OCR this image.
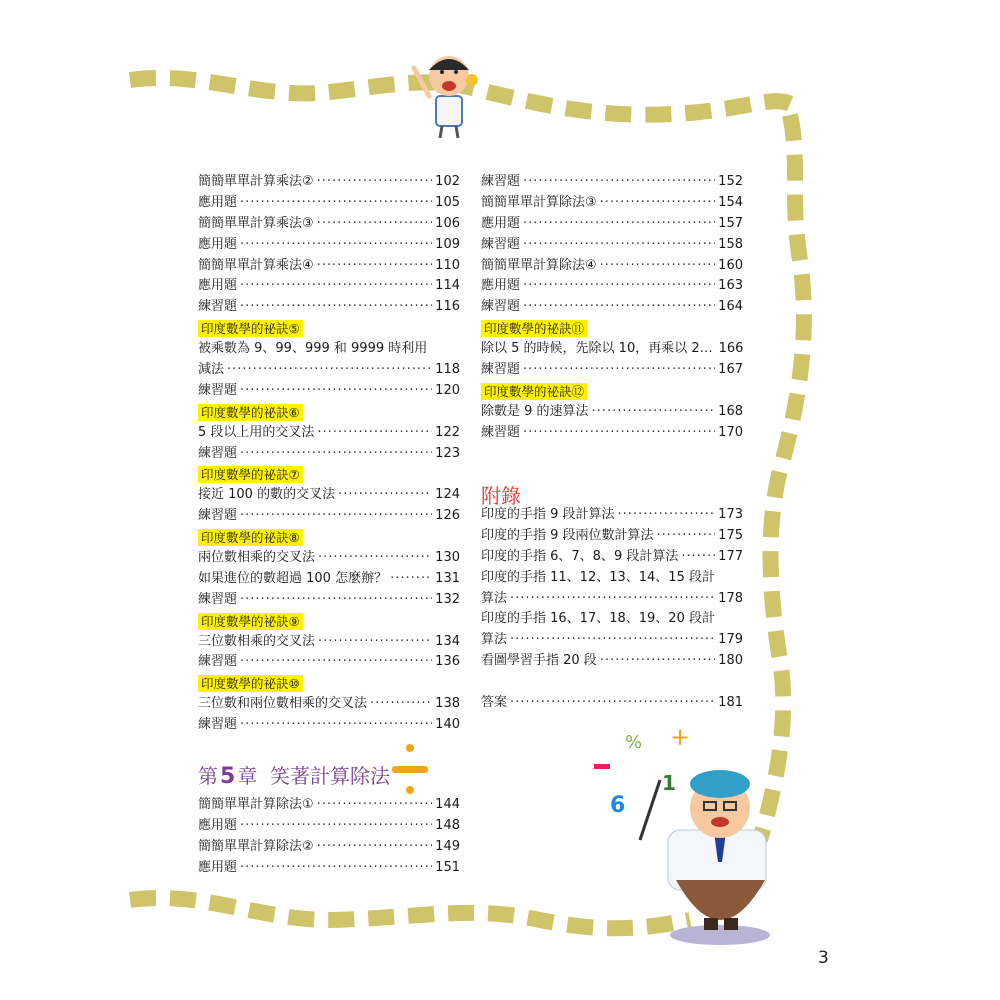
% +
1
6
簡簡單單計算乘法② ·····	102
應用題 ·····	105
簡簡單單計算乘法③ ·····	106
應用題 ·····	109
簡簡單單計算乘法④ ·····	110
應用題 ·····	114
練習題 ·····	116
印度數學的祕訣⑤
被乘數為 9、99、999 和 9999 時利用
減法 ·····	118
練習題 ·····	120
印度數學的祕訣⑥
5 段以上用的交叉法 ·····	122
練習題 ·····	123
印度數學的祕訣⑦
接近 100 的數的交叉法 ·····	124
練習題 ·····	126
印度數學的祕訣⑧
兩位數相乘的交叉法 ·····	130
如果進位的數超過 100 怎麼辦？ ·····	131
練習題 ·····	132
印度數學的祕訣⑨
三位數相乘的交叉法 ·····	134
練習題 ·····	136
印度數學的祕訣⑩
三位數和兩位數相乘的交叉法 ·····	138
練習題 ·····	140
第5 章 笑著計算除法
簡簡單單計算除法① ·····	144
應用題 ·····	148
簡簡單單計算除法② ·····	149
應用題 ·····	151
練習題 ·····	152
簡簡單單計算除法③ ·····	154
應用題 ·····	157
練習題 ·····	158
簡簡單單計算除法④ ·····	160
應用題 ·····	163
練習題 ·····	164
印度數學的祕訣⑪
除以 5 的時候，先除以 10，再乘以 2… 166
練習題 ·····	167
印度數學的祕訣⑫
除數是 9 的速算法 ·····	168
練習題 ·····	170
附錄
印度的手指 9 段計算法 ·····	173
印度的手指 9 段兩位數計算法 ·····	175
印度的手指 6、7、8、9 段計算法 ·····	177
印度的手指 11、12、13、14、15 段計
算法 ·····	178
印度的手指 16、17、18、19、20 段計
算法 ·····	179
看圖學習手指 20 段 ·····	180
答案 ·····	181
3
